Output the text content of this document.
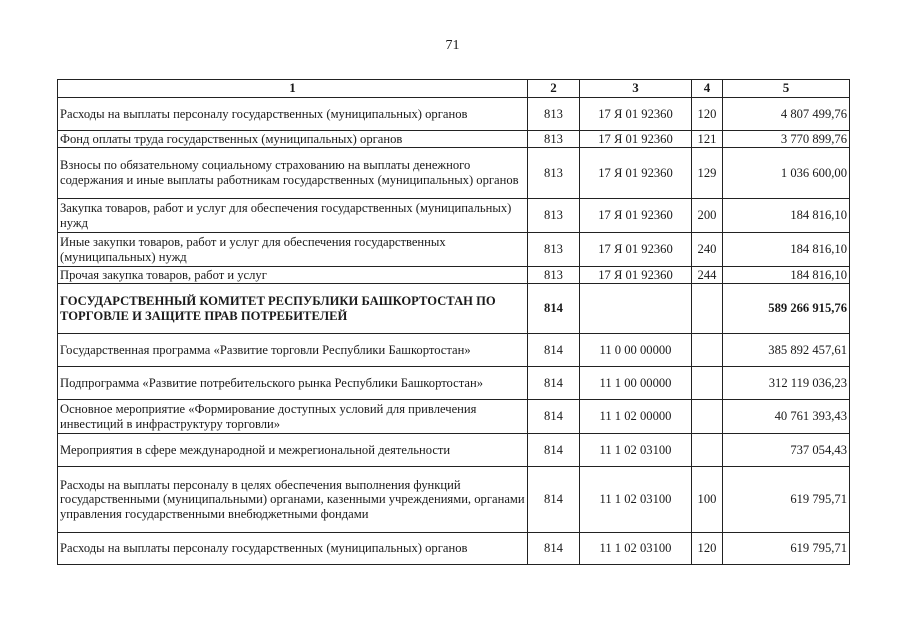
71
1	2	3	4	5
Расходы на выплаты персоналу государственных (муниципальных) органов	813	17 Я 01 92360	120	4 807 499,76
Фонд оплаты труда государственных (муниципальных) органов	813	17 Я 01 92360	121	3 770 899,76
Взносы по обязательному социальному страхованию на выплаты денежного содержания и иные выплаты работникам государственных (муниципальных) органов	813	17 Я 01 92360	129	1 036 600,00
Закупка товаров, работ и услуг для обеспечения государственных (муниципальных) нужд	813	17 Я 01 92360	200	184 816,10
Иные закупки товаров, работ и услуг для обеспечения государственных (муниципальных) нужд	813	17 Я 01 92360	240	184 816,10
Прочая закупка товаров, работ и услуг	813	17 Я 01 92360	244	184 816,10
ГОСУДАРСТВЕННЫЙ КОМИТЕТ РЕСПУБЛИКИ БАШКОРТОСТАН ПО ТОРГОВЛЕ И ЗАЩИТЕ ПРАВ ПОТРЕБИТЕЛЕЙ	814			589 266 915,76
Государственная программа «Развитие торговли Республики Башкортостан»	814	11 0 00 00000		385 892 457,61
Подпрограмма «Развитие потребительского рынка Республики Башкортостан»	814	11 1 00 00000		312 119 036,23
Основное мероприятие «Формирование доступных условий для привлечения инвестиций в инфраструктуру торговли»	814	11 1 02 00000		40 761 393,43
Мероприятия в сфере международной и межрегиональной деятельности	814	11 1 02 03100		737 054,43
Расходы на выплаты персоналу в целях обеспечения выполнения функций государственными (муниципальными) органами, казенными учреждениями, органами управления государственными внебюджетными фондами	814	11 1 02 03100	100	619 795,71
Расходы на выплаты персоналу государственных (муниципальных) органов	814	11 1 02 03100	120	619 795,71
